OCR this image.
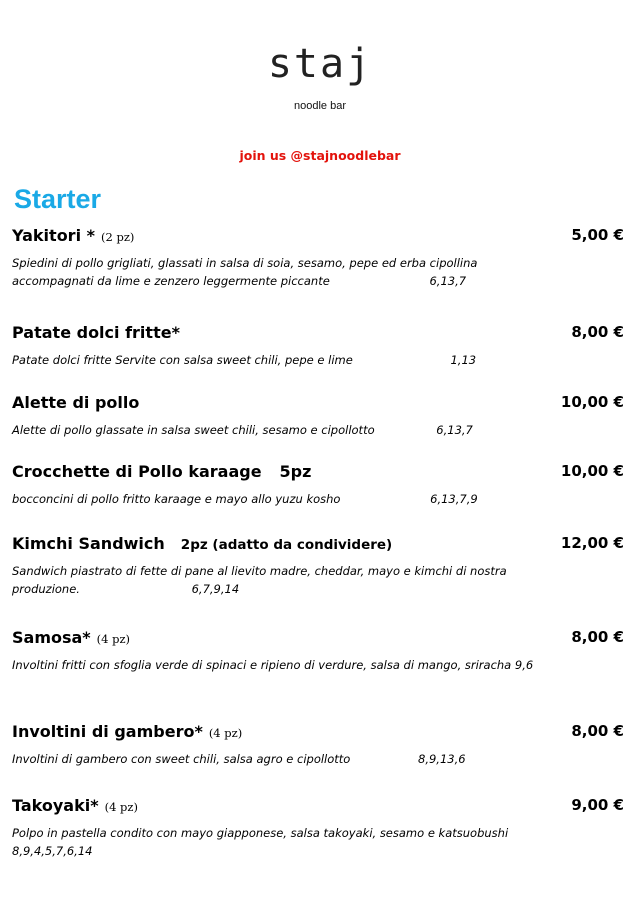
staj
noodle bar
join us @stajnoodlebar
Starter
Yakitori * (2 pz)	5,00 €
Spiedini di pollo grigliati, glassati in salsa di soia, sesamo, pepe ed erba cipollina accompagnati da lime e zenzero leggermente piccante	6,13,7
Patate dolci fritte*	8,00 €
Patate dolci fritte Servite con salsa sweet chili, pepe e lime	1,13
Alette di pollo	10,00 €
Alette di pollo glassate in salsa sweet chili, sesamo e cipollotto	6,13,7
Crocchette di Pollo karaage 5pz	10,00 €
bocconcini di pollo fritto karaage e mayo allo yuzu kosho	6,13,7,9
Kimchi Sandwich 2pz (adatto da condividere)	12,00 €
Sandwich piastrato di fette di pane al lievito madre, cheddar, mayo e kimchi di nostra produzione.	6,7,9,14
Samosa* (4 pz)	8,00 €
Involtini fritti con sfoglia verde di spinaci e ripieno di verdure, salsa di mango, sriracha 9,6
Involtini di gambero* (4 pz)	8,00 €
Involtini di gambero con sweet chili, salsa agro e cipollotto	8,9,13,6
Takoyaki* (4 pz)	9,00 €
Polpo in pastella condito con mayo giapponese, salsa takoyaki, sesamo e katsuobushi 8,9,4,5,7,6,14
